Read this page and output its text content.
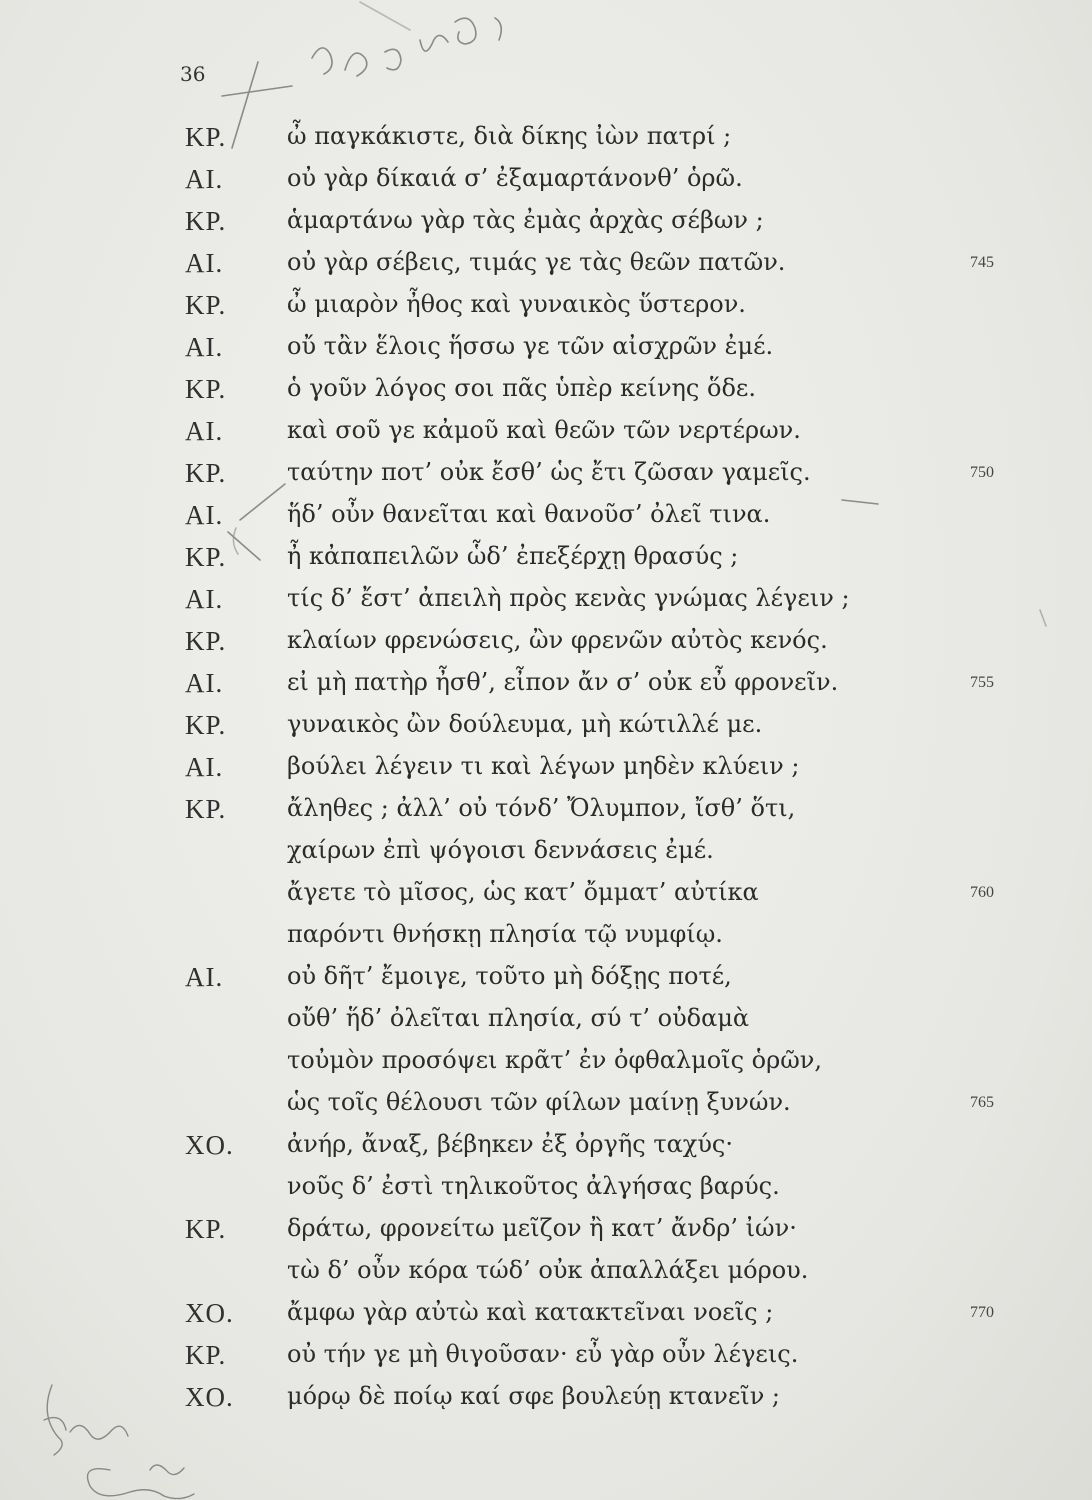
36
ΚΡ.	ὦ παγκάκιστε, διὰ δίκης ἰὼν πατρί ;
ΑΙ.	οὐ γὰρ δίκαιά σ’ ἐξαμαρτάνονθ’ ὁρῶ.
ΚΡ.	ἁμαρτάνω γὰρ τὰς ἐμὰς ἀρχὰς σέβων ;
ΑΙ.	οὐ γὰρ σέβεις, τιμάς γε τὰς θεῶν πατῶν.	745
ΚΡ.	ὦ μιαρὸν ἦθος καὶ γυναικὸς ὕστερον.
ΑΙ.	οὔ τἂν ἕλοις ἥσσω γε τῶν αἰσχρῶν ἐμέ.
ΚΡ.	ὁ γοῦν λόγος σοι πᾶς ὑπὲρ κείνης ὅδε.
ΑΙ.	καὶ σοῦ γε κἀμοῦ καὶ θεῶν τῶν νερτέρων.
ΚΡ.	ταύτην ποτ’ οὐκ ἔσθ’ ὡς ἔτι ζῶσαν γαμεῖς.	750
ΑΙ.	ἥδ’ οὖν θανεῖται καὶ θανοῦσ’ ὀλεῖ τινα.
ΚΡ.	ἦ κἀπαπειλῶν ὧδ’ ἐπεξέρχῃ θρασύς ;
ΑΙ.	τίς δ’ ἔστ’ ἀπειλὴ πρὸς κενὰς γνώμας λέγειν ;
ΚΡ.	κλαίων φρενώσεις, ὢν φρενῶν αὐτὸς κενός.
ΑΙ.	εἰ μὴ πατὴρ ἦσθ’, εἶπον ἄν σ’ οὐκ εὖ φρονεῖν.	755
ΚΡ.	γυναικὸς ὢν δούλευμα, μὴ κώτιλλέ με.
ΑΙ.	βούλει λέγειν τι καὶ λέγων μηδὲν κλύειν ;
ΚΡ.	ἄληθες ; ἀλλ’ οὐ τόνδ’ Ὄλυμπον, ἴσθ’ ὅτι,
χαίρων ἐπὶ ψόγοισι δεννάσεις ἐμέ.
ἄγετε τὸ μῖσος, ὡς κατ’ ὄμματ’ αὐτίκα	760
παρόντι θνήσκῃ πλησία τῷ νυμφίῳ.
ΑΙ.	οὐ δῆτ’ ἔμοιγε, τοῦτο μὴ δόξῃς ποτέ,
οὔθ’ ἥδ’ ὀλεῖται πλησία, σύ τ’ οὐδαμὰ
τοὐμὸν προσόψει κρᾶτ’ ἐν ὀφθαλμοῖς ὁρῶν,
ὡς τοῖς θέλουσι τῶν φίλων μαίνῃ ξυνών.	765
ΧΟ. ἀνήρ, ἄναξ, βέβηκεν ἐξ ὀργῆς ταχύς·
νοῦς δ’ ἐστὶ τηλικοῦτος ἀλγήσας βαρύς.
ΚΡ.	δράτω, φρονείτω μεῖζον ἢ κατ’ ἄνδρ’ ἰών·
τὼ δ’ οὖν κόρα τώδ’ οὐκ ἀπαλλάξει μόρου.
ΧΟ. ἄμφω γὰρ αὐτὼ καὶ κατακτεῖναι νοεῖς ;	770
ΚΡ.	οὐ τήν γε μὴ θιγοῦσαν· εὖ γὰρ οὖν λέγεις.
ΧΟ. μόρῳ δὲ ποίῳ καί σφε βουλεύῃ κτανεῖν ;
